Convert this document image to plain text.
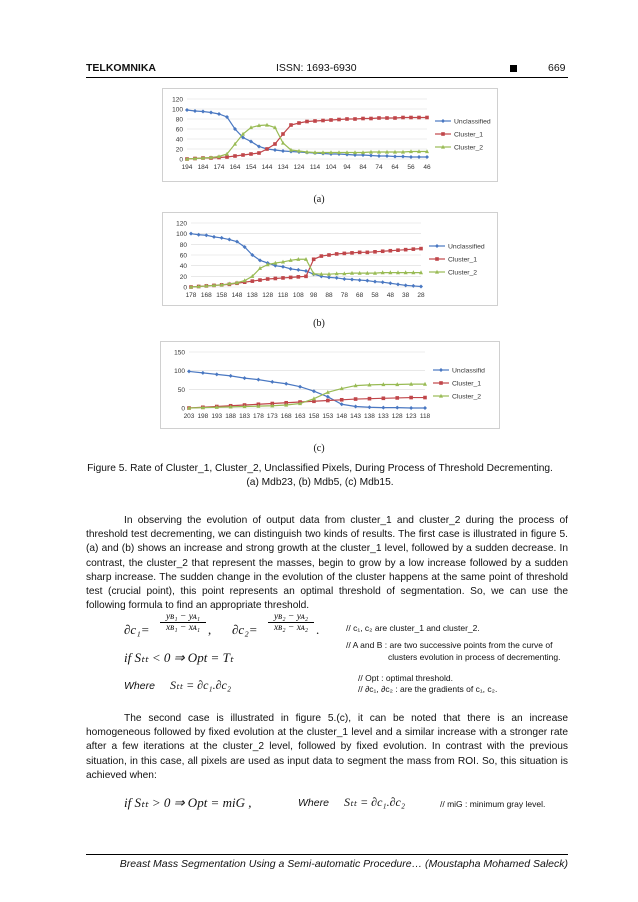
TELKOMNIKA	ISSN: 1693-6930	669
0
20
40
60
80
100
120
194 184 174 164 154 144 134 124 114 104 94 84 74 64 56 46
Unclassified
Cluster_1
Cluster_2
(a)
0
20
40
60
80
100
120
178 168 158 148 138 128 118 108 98 88 78 68 58 48 38 28
Unclassified
Cluster_1
Cluster_2
(b)
0
50
100
150
203 198 193 188 183 178 173 168 163 158 153 148 143 138 133 128 123 118
Unclassifid
Cluster_1
Cluster_2
(c)
Figure 5. Rate of Cluster_1, Cluster_2, Unclassified Pixels, During Process of Threshold Decrementing.
(a) Mdb23, (b) Mdb5, (c) Mdb15.
In observing the evolution of output data from cluster_1 and cluster_2 during the process of threshold test decrementing, we can distinguish two kinds of results. The first case is illustrated in figure 5. (a) and (b) shows an increase and strong growth at the cluster_1 level, followed by a sudden decrease. In contrast, the cluster_2 that represent the masses, begin to grow by a low increase followed by a sudden sharp increase. The sudden change in the evolution of the cluster happens at the same point of threshold test (crucial point), this point represents an optimal threshold of segmentation. So, we can use the following formula to find an appropriate threshold.
$\partial c_1= \frac{\text{yʙ₁ − yᴀ₁}}{\text{xʙ₁ − xᴀ₁}}$ , $\partial c_2= \frac{\text{yʙ₂ − yᴀ₂}}{\text{xʙ₂ − xᴀ₂}}$ .	// c₁, c₂ are cluster_1 and cluster_2.
// A and B : are two successive points from the curve of
clusters evolution in process of decrementing.
if Sₜₜ < 0 ⇒ Opt = Tₜ
// Opt : optimal threshold.
Where Sₜₜ = ∂c₁.∂c₂	// ∂c₁, ∂c₂ : are the gradients of c₁, c₂.
The second case is illustrated in figure 5.(c), it can be noted that there is an increase homogeneous followed by fixed evolution at the cluster_1 level and a similar increase with a stronger rate after a few iterations at the cluster_2 level, followed by fixed evolution. In contrast with the previous situation, in this case, all pixels are used as input data to segment the mass from ROI. So, this situation is achieved when:
if Sₜₜ > 0 ⇒ Opt = miG ,	Where Sₜₜ = ∂c₁.∂c₂	// miG : minimum gray level.
Breast Mass Segmentation Using a Semi-automatic Procedure… (Moustapha Mohamed Saleck)
